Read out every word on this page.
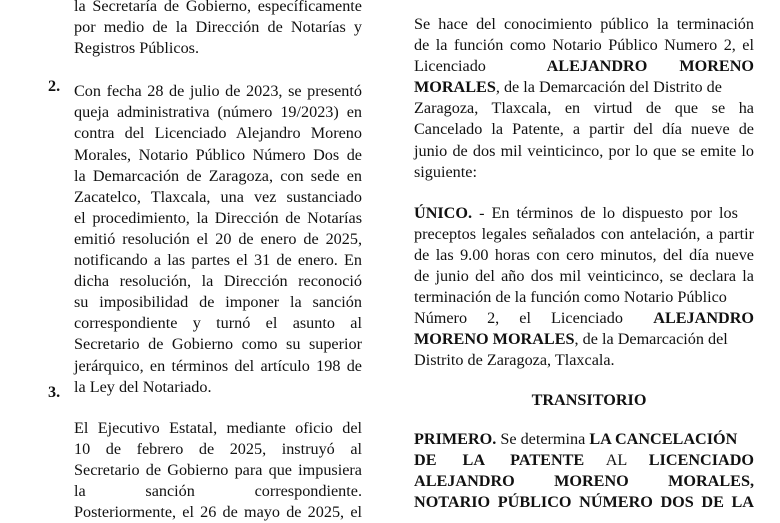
la Secretaría de Gobierno, específicamente
por medio de la Dirección de Notarías y
Registros Públicos.
Con fecha 28 de julio de 2023, se presentó
queja administrativa (número 19/2023) en
contra del Licenciado Alejandro Moreno
Morales, Notario Público Número Dos de
la Demarcación de Zaragoza, con sede en
Zacatelco, Tlaxcala, una vez sustanciado
el procedimiento, la Dirección de Notarías
emitió resolución el 20 de enero de 2025,
notificando a las partes el 31 de enero. En
dicha resolución, la Dirección reconoció
su imposibilidad de imponer la sanción
correspondiente y turnó el asunto al
Secretario de Gobierno como su superior
jerárquico, en términos del artículo 198 de
la Ley del Notariado.
El Ejecutivo Estatal, mediante oficio del
10 de febrero de 2025, instruyó al
Secretario de Gobierno para que impusiera
la sanción correspondiente.
Posteriormente, el 26 de mayo de 2025, el
2.
3.
Se hace del conocimiento público la terminación
de la función como Notario Público Numero 2, el
Licenciado	ALEJANDRO MORENO
MORALES, de la Demarcación del Distrito de
Zaragoza, Tlaxcala, en virtud de que se ha
Cancelado la Patente, a partir del día nueve de
junio de dos mil veinticinco, por lo que se emite lo
siguiente:
ÚNICO. - En términos de lo dispuesto por los
preceptos legales señalados con antelación, a partir
de las 9.00 horas con cero minutos, del día nueve
de junio del año dos mil veinticinco, se declara la
terminación de la función como Notario Público
Número 2, el Licenciado ALEJANDRO
MORENO MORALES, de la Demarcación del
Distrito de Zaragoza, Tlaxcala.
TRANSITORIO
PRIMERO. Se determina LA CANCELACIÓN
DE LA PATENTE AL LICENCIADO
ALEJANDRO MORENO MORALES,
NOTARIO PÚBLICO NÚMERO DOS DE LA
